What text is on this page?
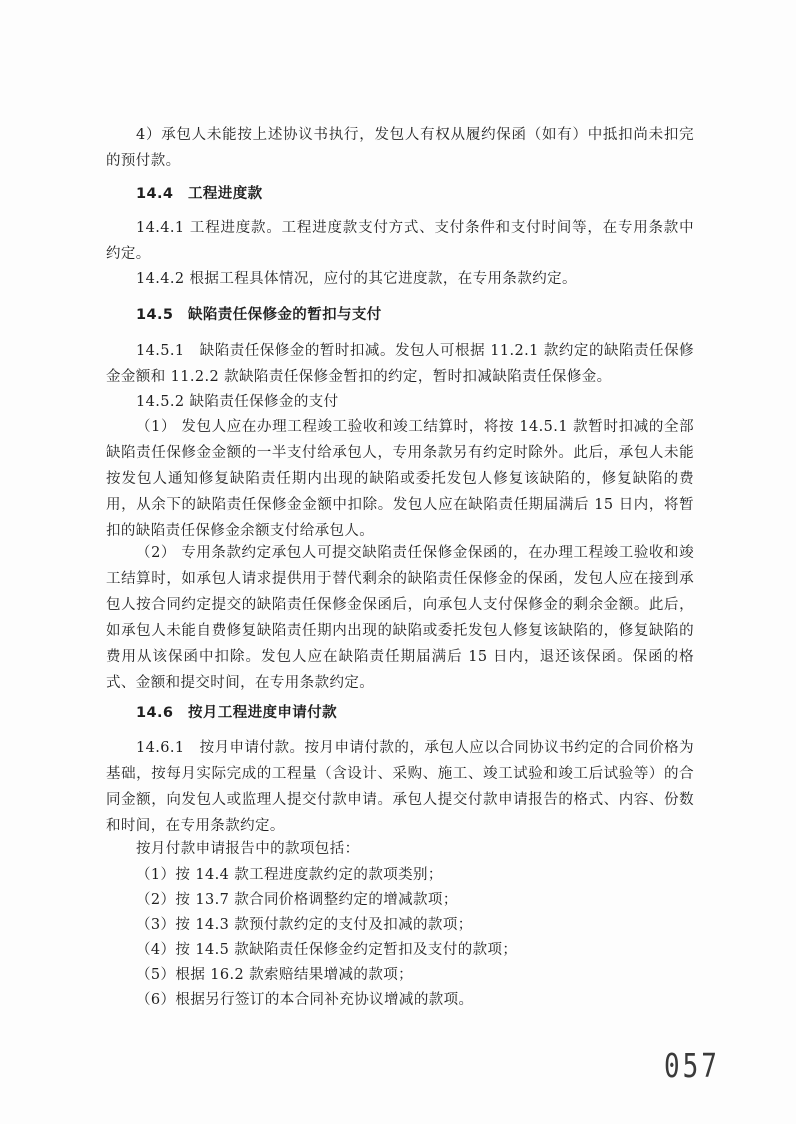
4）承包人未能按上述协议书执行，发包人有权从履约保函（如有）中抵扣尚未扣完的预付款。

14.4 工程进度款

14.4.1 工程进度款。工程进度款支付方式、支付条件和支付时间等，在专用条款中约定。

14.4.2 根据工程具体情况，应付的其它进度款，在专用条款约定。

14.5 缺陷责任保修金的暂扣与支付

14.5.1　缺陷责任保修金的暂时扣减。发包人可根据 11.2.1 款约定的缺陷责任保修金金额和 11.2.2 款缺陷责任保修金暂扣的约定，暂时扣减缺陷责任保修金。

14.5.2 缺陷责任保修金的支付

（1） 发包人应在办理工程竣工验收和竣工结算时，将按 14.5.1 款暂时扣减的全部缺陷责任保修金金额的一半支付给承包人，专用条款另有约定时除外。此后，承包人未能按发包人通知修复缺陷责任期内出现的缺陷或委托发包人修复该缺陷的，修复缺陷的费用，从余下的缺陷责任保修金金额中扣除。发包人应在缺陷责任期届满后 15 日内，将暂扣的缺陷责任保修金余额支付给承包人。

（2） 专用条款约定承包人可提交缺陷责任保修金保函的，在办理工程竣工验收和竣工结算时，如承包人请求提供用于替代剩余的缺陷责任保修金的保函，发包人应在接到承包人按合同约定提交的缺陷责任保修金保函后，向承包人支付保修金的剩余金额。此后，如承包人未能自费修复缺陷责任期内出现的缺陷或委托发包人修复该缺陷的，修复缺陷的费用从该保函中扣除。发包人应在缺陷责任期届满后 15 日内，退还该保函。保函的格式、金额和提交时间，在专用条款约定。

14.6 按月工程进度申请付款

14.6.1　按月申请付款。按月申请付款的，承包人应以合同协议书约定的合同价格为基础，按每月实际完成的工程量（含设计、采购、施工、竣工试验和竣工后试验等）的合同金额，向发包人或监理人提交付款申请。承包人提交付款申请报告的格式、内容、份数和时间，在专用条款约定。

按月付款申请报告中的款项包括：

（1）按 14.4 款工程进度款约定的款项类别；

（2）按 13.7 款合同价格调整约定的增减款项；

（3）按 14.3 款预付款约定的支付及扣减的款项；

（4）按 14.5 款缺陷责任保修金约定暂扣及支付的款项；

（5）根据 16.2 款索赔结果增减的款项；

（6）根据另行签订的本合同补充协议增减的款项。

057
